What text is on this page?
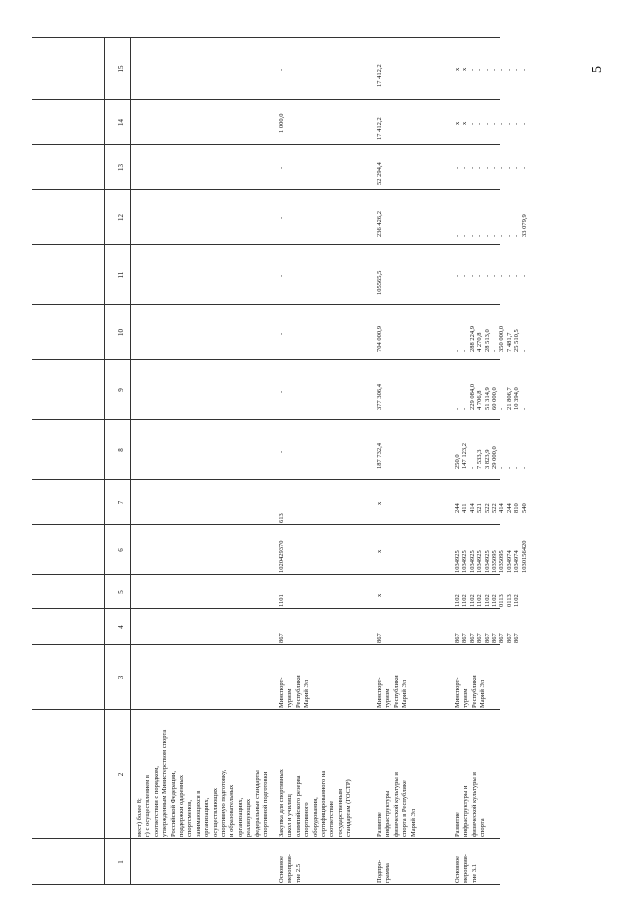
5
1
2
3
4
5
6
7
8
9
10
11
12
13
14
15
мест) более 8;
г) с осуществлением в
соответствии с порядком,
утвержденным Министерством спорта
Российской Федерации,
поддержки одаренных
спортсменов,
занимающихся в
организациях,
осуществляющих
спортивную подготовку,
и образовательных
организациях,
реализующих
федеральные стандарты
спортивной подготовки
Основное
мероприя-
тие 2.5
Закупка для спортивных
школ и училищ
олимпийского резерва
спортивного
оборудования,
сертифицированного на
соответствие
государственным
стандартам (ГОСТР)
Минспорт-
туризм
Республики
Марий Эл
867
1101
1020429370
613
-
-
-
-
-
-
1 000,0
-
Подпро-
грамма
Развитие
инфраструктуры
физической культуры и
спорта в Республике
Марий Эл
Минспорт-
туризм
Республики
Марий Эл
867
x
x
x
187 732,4
377 306,4
704 000,9
105565,5
236 426,2
52 294,4
17 412,2
17 412,2
Основное
мероприя-
тие 3.1
Развитие
инфраструктуры и
физической культуры и
спорта
Минспорт-
туризм
Республики
Марий Эл
867
867
867
867
867
867
867
867
867
1102
1102
1102
1102
1102
1102
0113
0113
1102
1034925
1034925
1034925
1034925
1034925
1035095
1035095
1034974
1034974
1030156420
244
411
414
521
522
522
414
244
810
540
250,0
147 123,2
-
7 533,3
3 823,9
29 000,0
-
-
-
-
-
-
229 084,0
4 706,8
51 314,9
60 000,0
-
21 806,7
10 394,0
-
-
-
288 224,9
4 270,8
28 513,0
-
350 000,0
7 481,7
25 510,5
-
-
-
-
-
-
-
-
-
-
-
-
-
-
-
-
-
-
-
-
33 079,9
-
-
-
-
-
-
-
-
-
-
x
x
-
-
-
-
-
-
-
-
x
x
-
-
-
-
-
-
-
-
